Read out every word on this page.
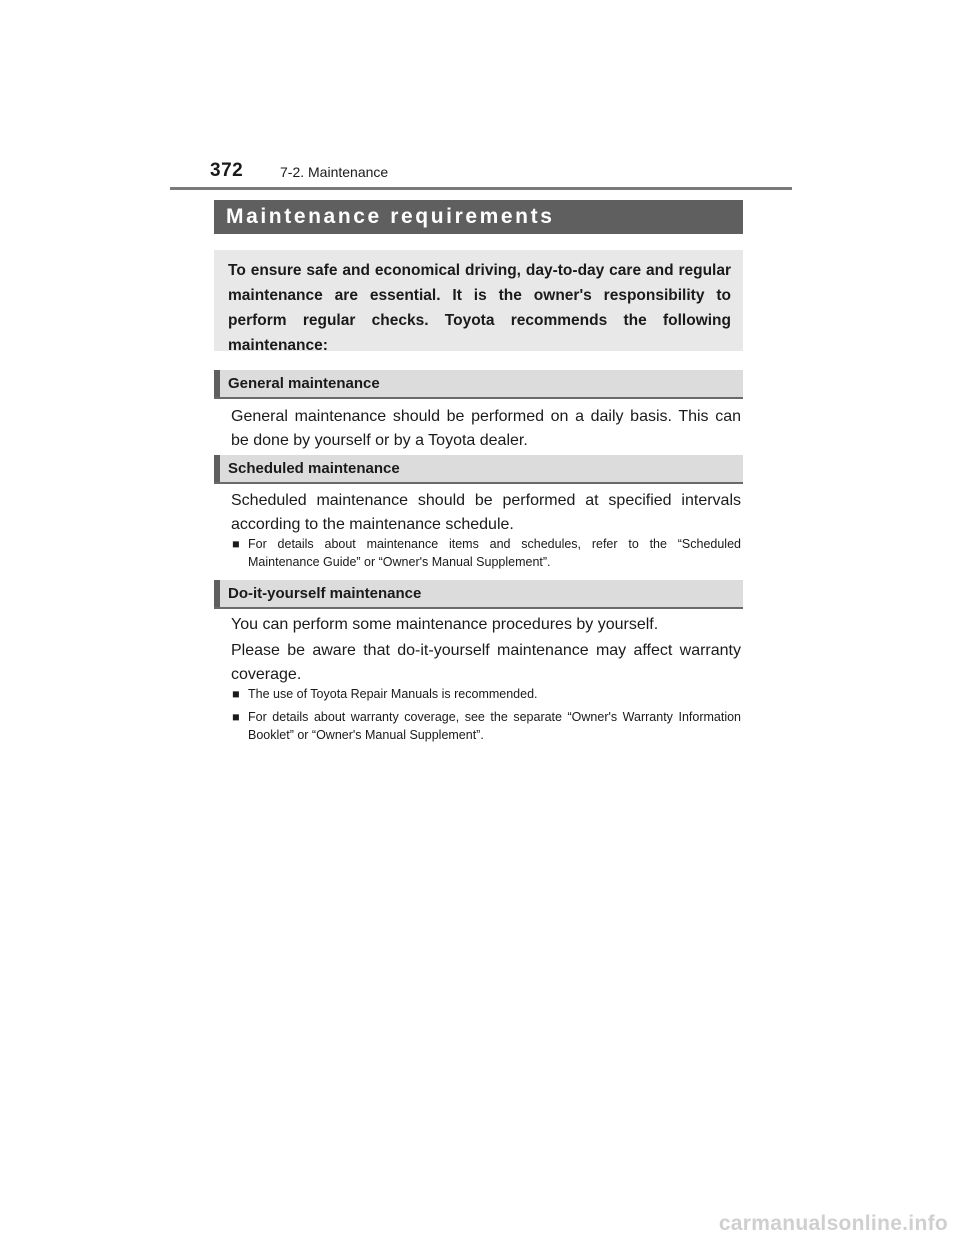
372	7-2. Maintenance
Maintenance requirements
To ensure safe and economical driving, day-to-day care and regular maintenance are essential. It is the owner's responsibility to perform regular checks. Toyota recommends the following maintenance:
General maintenance

General maintenance should be performed on a daily basis. This can be done by yourself or by a Toyota dealer.

Scheduled maintenance

Scheduled maintenance should be performed at specified intervals according to the maintenance schedule.

■ For details about maintenance items and schedules, refer to the “Scheduled Maintenance Guide” or “Owner's Manual Supplement”.

Do-it-yourself maintenance

You can perform some maintenance procedures by yourself.

Please be aware that do-it-yourself maintenance may affect warranty coverage.

■ The use of Toyota Repair Manuals is recommended.

■ For details about warranty coverage, see the separate “Owner's Warranty Information Booklet” or “Owner's Manual Supplement”.

carmanualsonline.info
